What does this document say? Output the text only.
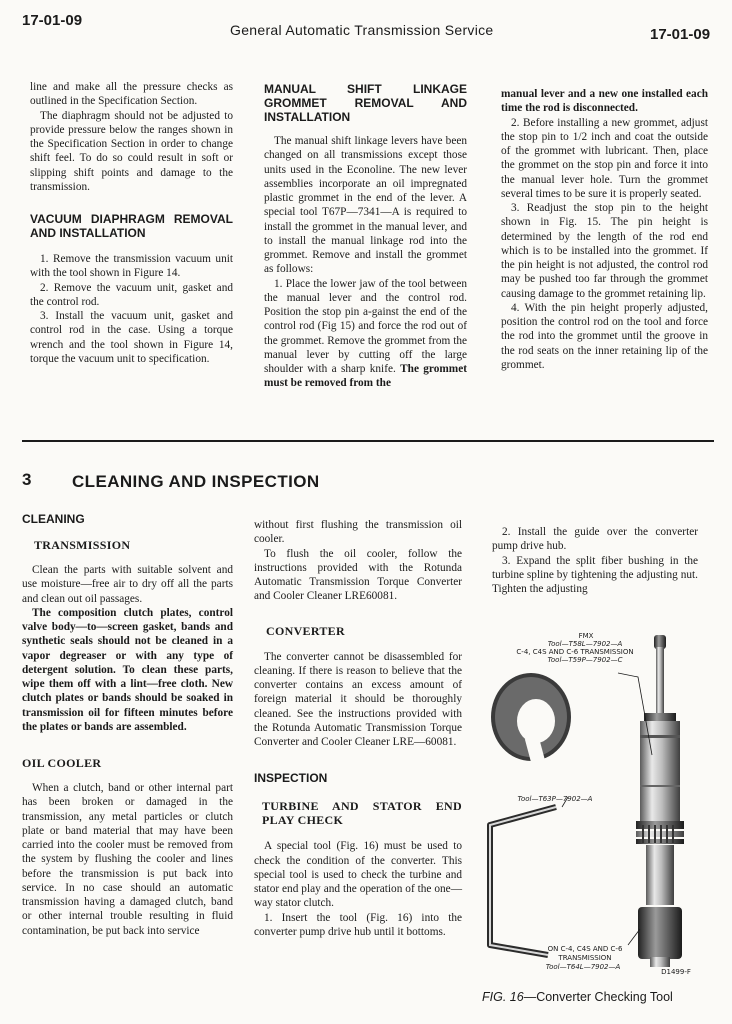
17-01-09
General Automatic Transmission Service	17-01-09

line and make all the pressure checks as outlined in the Specification Section.

The diaphragm should not be adjusted to provide pressure below the ranges shown in the Specification Section in order to change shift feel. To do so could result in soft or slipping shift points and damage to the transmission.

VACUUM DIAPHRAGM REMOVAL AND INSTALLATION

1. Remove the transmission vacuum unit with the tool shown in Figure 14.

2. Remove the vacuum unit, gasket and the control rod.

3. Install the vacuum unit, gasket and control rod in the case. Using a torque wrench and the tool shown in Figure 14, torque the vacuum unit to specification.

MANUAL SHIFT LINKAGE GROMMET REMOVAL AND INSTALLATION

The manual shift linkage levers have been changed on all transmissions except those units used in the Econoline. The new lever assemblies incorporate an oil impregnated plastic grommet in the end of the lever. A special tool T67P—7341—A is required to install the grommet in the manual lever, and to install the manual linkage rod into the grommet. Remove and install the grommet as follows:

1. Place the lower jaw of the tool between the manual lever and the control rod. Position the stop pin a-gainst the end of the control rod (Fig 15) and force the rod out of the grommet. Remove the grommet from the manual lever by cutting off the large shoulder with a sharp knife. The grommet must be removed from the

manual lever and a new one installed each time the rod is disconnected.

2. Before installing a new grommet, adjust the stop pin to 1/2 inch and coat the outside of the grommet with lubricant. Then, place the grommet on the stop pin and force it into the manual lever hole. Turn the grommet several times to be sure it is properly seated.

3. Readjust the stop pin to the height shown in Fig. 15. The pin height is determined by the length of the rod end which is to be installed into the grommet. If the pin height is not adjusted, the control rod may be pushed too far through the grommet causing damage to the grommet retaining lip.

4. With the pin height properly adjusted, position the control rod on the tool and force the rod into the grommet until the groove in the rod seats on the inner retaining lip of the grommet.

3 CLEANING AND INSPECTION

CLEANING

TRANSMISSION

Clean the parts with suitable solvent and use moisture—free air to dry off all the parts and clean out oil passages.

The composition clutch plates, control valve body—to—screen gasket, bands and synthetic seals should not be cleaned in a vapor degreaser or with any type of detergent solution. To clean these parts, wipe them off with a lint—free cloth. New clutch plates or bands should be soaked in transmission oil for fifteen minutes before the plates or bands are assembled.

OIL COOLER

When a clutch, band or other internal part has been broken or damaged in the transmission, any metal particles or clutch plate or band material that may have been carried into the cooler must be removed from the system by flushing the cooler and lines before the transmission is put back into service. In no case should an automatic transmission having a damaged clutch, band or other internal trouble resulting in fluid contamination, be put back into service

without first flushing the transmission oil cooler.

To flush the oil cooler, follow the instructions provided with the Rotunda Automatic Transmission Torque Converter and Cooler Cleaner LRE60081.

CONVERTER

The converter cannot be disassembled for cleaning. If there is reason to believe that the converter contains an excess amount of foreign material it should be thoroughly cleaned. See the instructions provided with the Rotunda Automatic Transmission Torque Converter and Cooler Cleaner LRE—60081.

INSPECTION

TURBINE AND STATOR END PLAY CHECK

A special tool (Fig. 16) must be used to check the condition of the converter. This special tool is used to check the turbine and stator end play and the operation of the one—way stator clutch.

1. Insert the tool (Fig. 16) into the converter pump drive hub until it bottoms.

2. Install the guide over the converter pump drive hub.

3. Expand the split fiber bushing in the turbine spline by tightening the adjusting nut. Tighten the adjusting

FMX
Tool—T58L—7902—A
C-4, C4S AND C-6 TRANSMISSION
Tool—T59P—7902—C
Tool—T63P—7902—A
ON C-4, C4S AND C-6
TRANSMISSION
Tool—T64L—7902—A
D1499-F
FIG. 16—Converter Checking Tool
